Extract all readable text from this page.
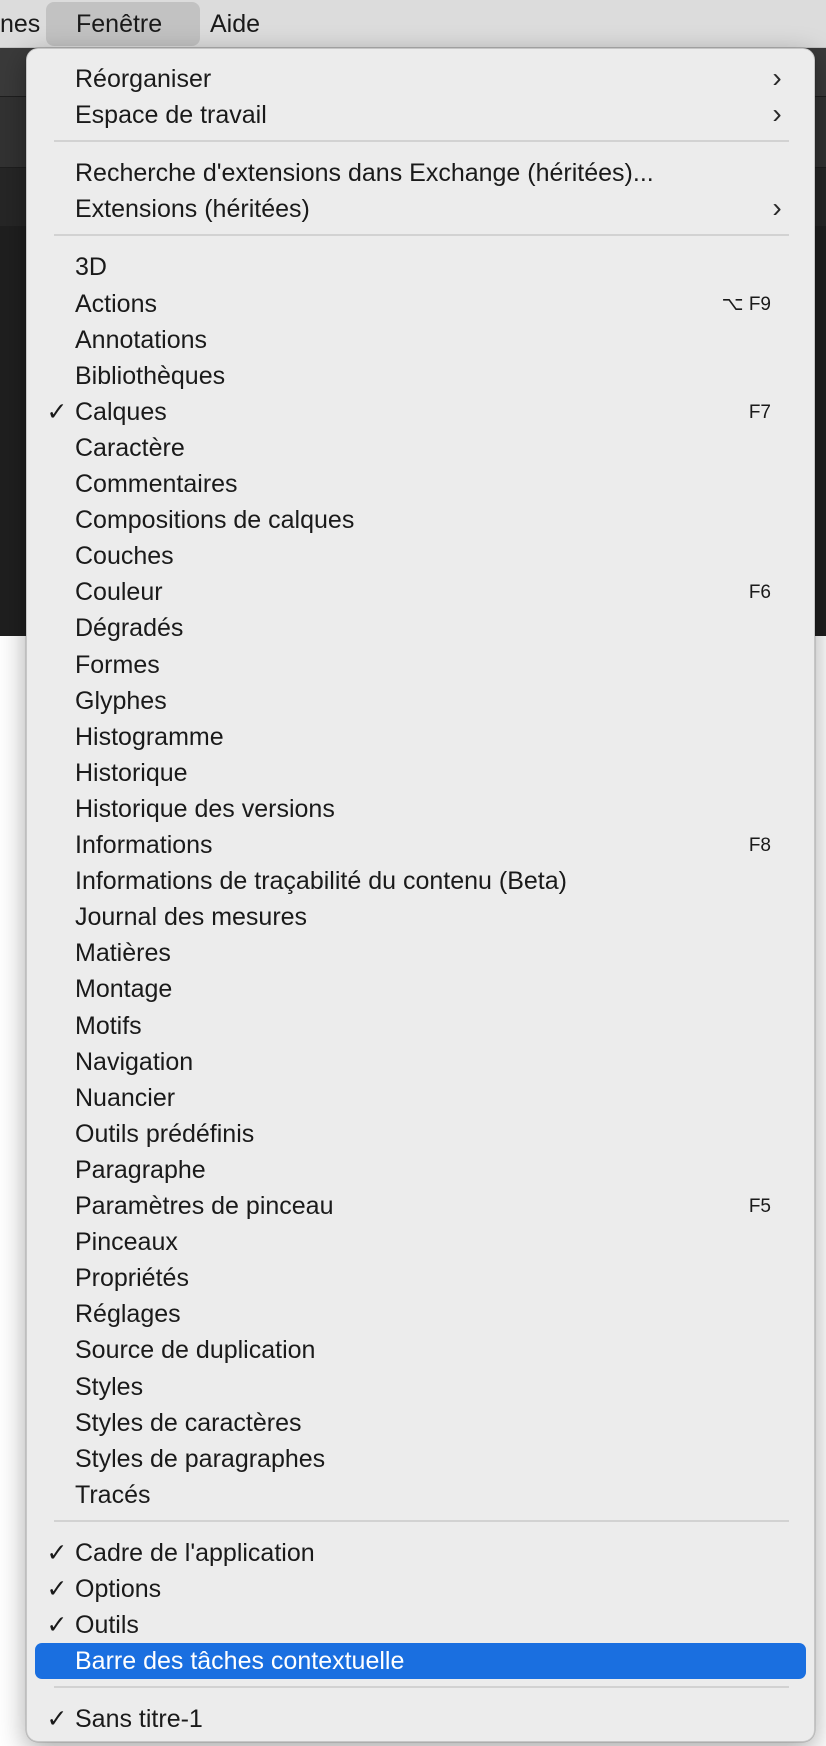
nes	Fenêtre	Aide
Réorganiser	›
Espace de travail	›
Recherche d'extensions dans Exchange (héritées)...
Extensions (héritées)	›
3D
Actions	⌥ F9
Annotations
Bibliothèques
✓ Calques	F7
Caractère
Commentaires
Compositions de calques
Couches
Couleur	F6
Dégradés
Formes
Glyphes
Histogramme
Historique
Historique des versions
Informations	F8
Informations de traçabilité du contenu (Beta)
Journal des mesures
Matières
Montage
Motifs
Navigation
Nuancier
Outils prédéfinis
Paragraphe
Paramètres de pinceau	F5
Pinceaux
Propriétés
Réglages
Source de duplication
Styles
Styles de caractères
Styles de paragraphes
Tracés
✓ Cadre de l'application
✓ Options
✓ Outils
Barre des tâches contextuelle
✓ Sans titre-1
